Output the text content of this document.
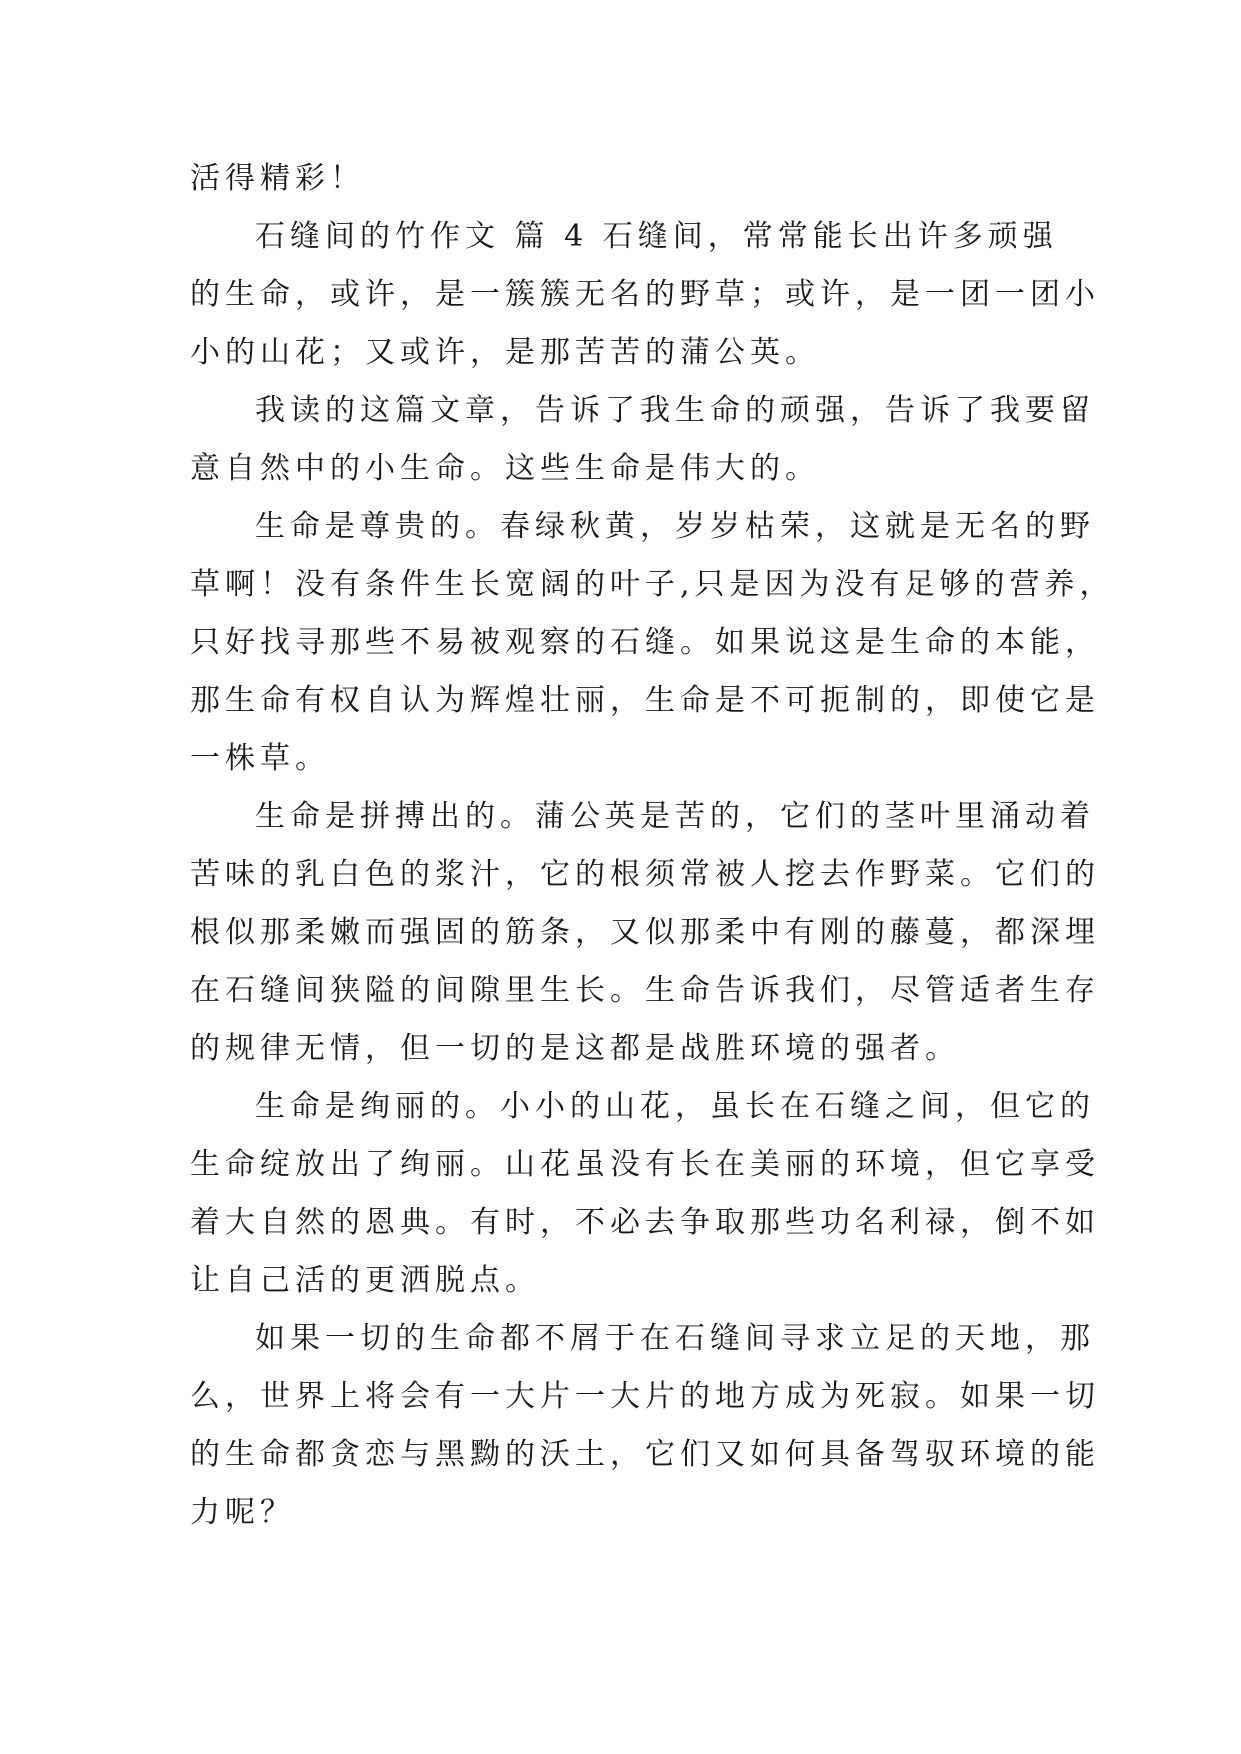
活得精彩！
石缝间的竹作文 篇 4 石缝间，常常能长出许多顽强
的生命，或许，是一簇簇无名的野草；或许，是一团一团小
小的山花；又或许，是那苦苦的蒲公英。
我读的这篇文章，告诉了我生命的顽强，告诉了我要留
意自然中的小生命。这些生命是伟大的。
生命是尊贵的。春绿秋黄，岁岁枯荣，这就是无名的野
草啊！没有条件生长宽阔的叶子,只是因为没有足够的营养，
只好找寻那些不易被观察的石缝。如果说这是生命的本能，
那生命有权自认为辉煌壮丽，生命是不可扼制的，即使它是
一株草。
生命是拼搏出的。蒲公英是苦的，它们的茎叶里涌动着
苦味的乳白色的浆汁，它的根须常被人挖去作野菜。它们的
根似那柔嫩而强固的筋条，又似那柔中有刚的藤蔓，都深埋
在石缝间狭隘的间隙里生长。生命告诉我们，尽管适者生存
的规律无情，但一切的是这都是战胜环境的强者。
生命是绚丽的。小小的山花，虽长在石缝之间，但它的
生命绽放出了绚丽。山花虽没有长在美丽的环境，但它享受
着大自然的恩典。有时，不必去争取那些功名利禄，倒不如
让自己活的更洒脱点。
如果一切的生命都不屑于在石缝间寻求立足的天地，那
么，世界上将会有一大片一大片的地方成为死寂。如果一切
的生命都贪恋与黑黝的沃土，它们又如何具备驾驭环境的能
力呢？
